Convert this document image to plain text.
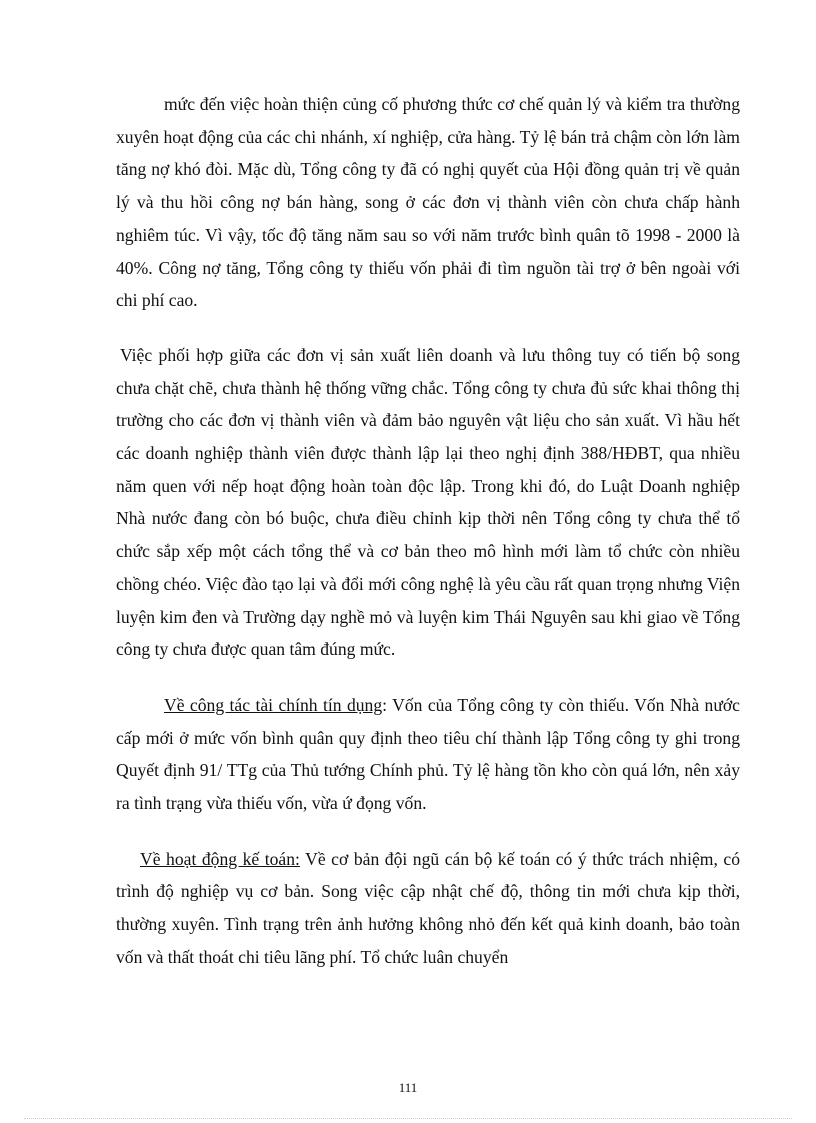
mức đến việc hoàn thiện củng cố phương thức cơ chế quản lý và kiểm tra thường xuyên hoạt động của các chi nhánh, xí nghiệp, cửa hàng. Tỷ lệ bán trả chậm còn lớn làm tăng nợ khó đòi. Mặc dù, Tổng công ty đã có nghị quyết của Hội đồng quản trị về quản lý và thu hồi công nợ bán hàng, song ở các đơn vị thành viên còn chưa chấp hành nghiêm túc. Vì vậy, tốc độ tăng năm sau so với năm trước bình quân tõ 1998 - 2000 là 40%. Công nợ tăng, Tổng công ty thiếu vốn phải đi tìm nguồn tài trợ ở bên ngoài với chi phí cao.

Việc phối hợp giữa các đơn vị sản xuất liên doanh và lưu thông tuy có tiến bộ song chưa chặt chẽ, chưa thành hệ thống vững chắc. Tổng công ty chưa đủ sức khai thông thị trường cho các đơn vị thành viên và đảm bảo nguyên vật liệu cho sản xuất. Vì hầu hết các doanh nghiệp thành viên được thành lập lại theo nghị định 388/HĐBT, qua nhiều năm quen với nếp hoạt động hoàn toàn độc lập. Trong khi đó, do Luật Doanh nghiệp Nhà nước đang còn bó buộc, chưa điều chỉnh kịp thời nên Tổng công ty chưa thể tổ chức sắp xếp một cách tổng thể và cơ bản theo mô hình mới làm tổ chức còn nhiều chồng chéo. Việc đào tạo lại và đổi mới công nghệ là yêu cầu rất quan trọng nhưng Viện luyện kim đen và Trường dạy nghề mỏ và luyện kim Thái Nguyên sau khi giao về Tổng công ty chưa được quan tâm đúng mức.

Về công tác tài chính tín dụng: Vốn của Tổng công ty còn thiếu. Vốn Nhà nước cấp mới ở mức vốn bình quân quy định theo tiêu chí thành lập Tổng công ty ghi trong Quyết định 91/ TTg của Thủ tướng Chính phủ. Tỷ lệ hàng tồn kho còn quá lớn, nên xảy ra tình trạng vừa thiếu vốn, vừa ứ đọng vốn.

Về hoạt động kế toán: Về cơ bản đội ngũ cán bộ kế toán có ý thức trách nhiệm, có trình độ nghiệp vụ cơ bản. Song việc cập nhật chế độ, thông tin mới chưa kịp thời, thường xuyên. Tình trạng trên ảnh hưởng không nhỏ đến kết quả kinh doanh, bảo toàn vốn và thất thoát chi tiêu lãng phí. Tổ chức luân chuyển

111
